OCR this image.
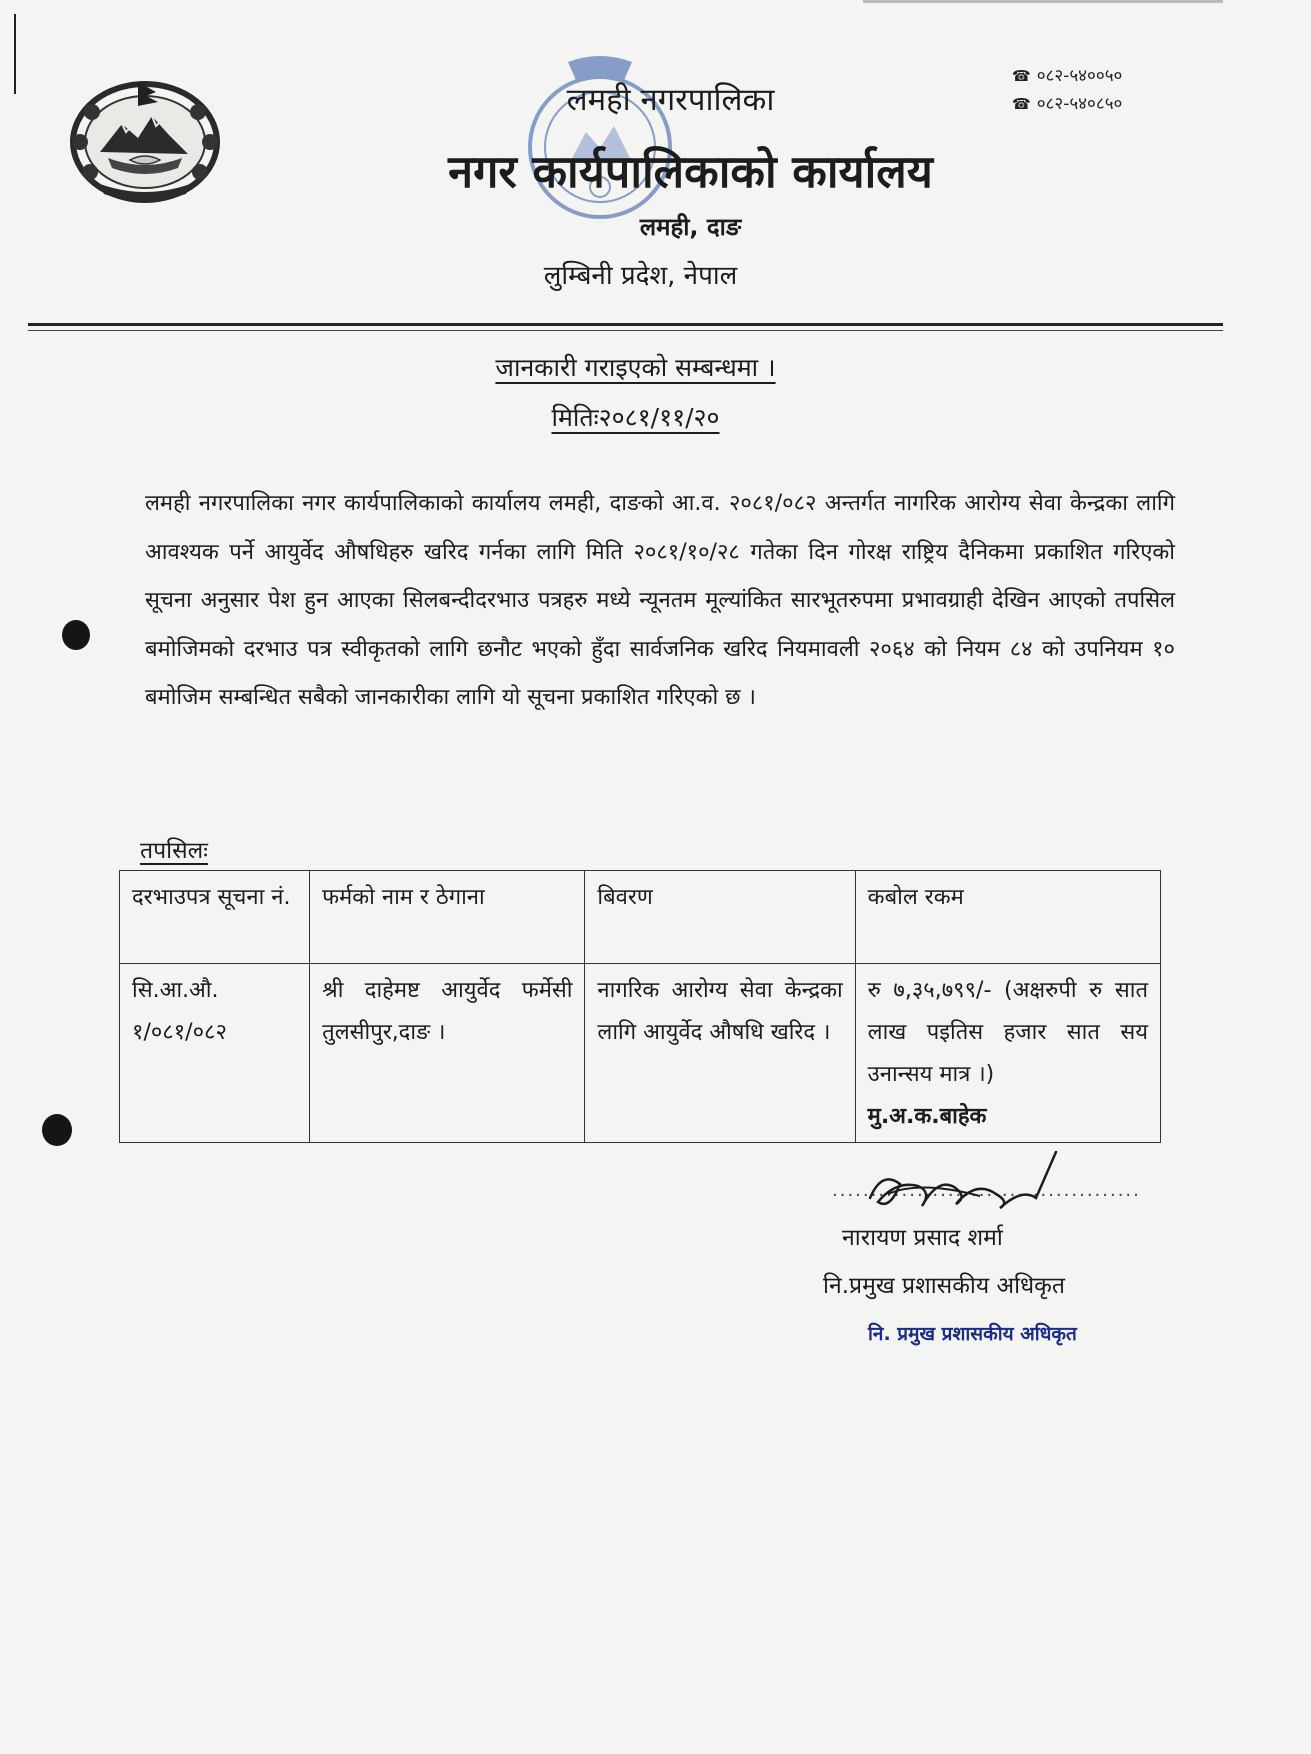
☎ ०८२-५४००५०
☎ ०८२-५४०८५०
लमही नगरपालिका
नगर कार्यपालिकाको कार्यालय
लमही, दाङ
लुम्बिनी प्रदेश, नेपाल
जानकारी गराइएको सम्बन्धमा ।
मितिः२०८१/११/२०
लमही नगरपालिका नगर कार्यपालिकाको कार्यालय लमही, दाङको आ.व. २०८१/०८२ अन्तर्गत नागरिक आरोग्य सेवा केन्द्रका लागि आवश्यक पर्ने आयुर्वेद औषधिहरु खरिद गर्नका लागि मिति २०८१/१०/२८ गतेका दिन गोरक्ष राष्ट्रिय दैनिकमा प्रकाशित गरिएको सूचना अनुसार पेश हुन आएका सिलबन्दीदरभाउ पत्रहरु मध्ये न्यूनतम मूल्यांकित सारभूतरुपमा प्रभावग्राही देखिन आएको तपसिल बमोजिमको दरभाउ पत्र स्वीकृतको लागि छनौट भएको हुँदा सार्वजनिक खरिद नियमावली २०६४ को नियम ८४ को उपनियम १० बमोजिम सम्बन्धित सबैको जानकारीका लागि यो सूचना प्रकाशित गरिएको छ ।
तपसिलः
दरभाउपत्र सूचना नं.	फर्मको नाम र ठेगाना	बिवरण	कबोल रकम
सि.आ.औ. १/०८१/०८२	श्री दाहेमष्ट आयुर्वेद फर्मेसी तुलसीपुर,दाङ ।	नागरिक आरोग्य सेवा केन्द्रका लागि आयुर्वेद औषधि खरिद ।	रु ७,३५,७९९/- (अक्षरुपी रु सात लाख पइतिस हजार सात सय उनान्सय मात्र ।)
मु.अ.क.बाहेक
........................................
नारायण प्रसाद शर्मा
नि.प्रमुख प्रशासकीय अधिकृत
नि. प्रमुख प्रशासकीय अधिकृत
